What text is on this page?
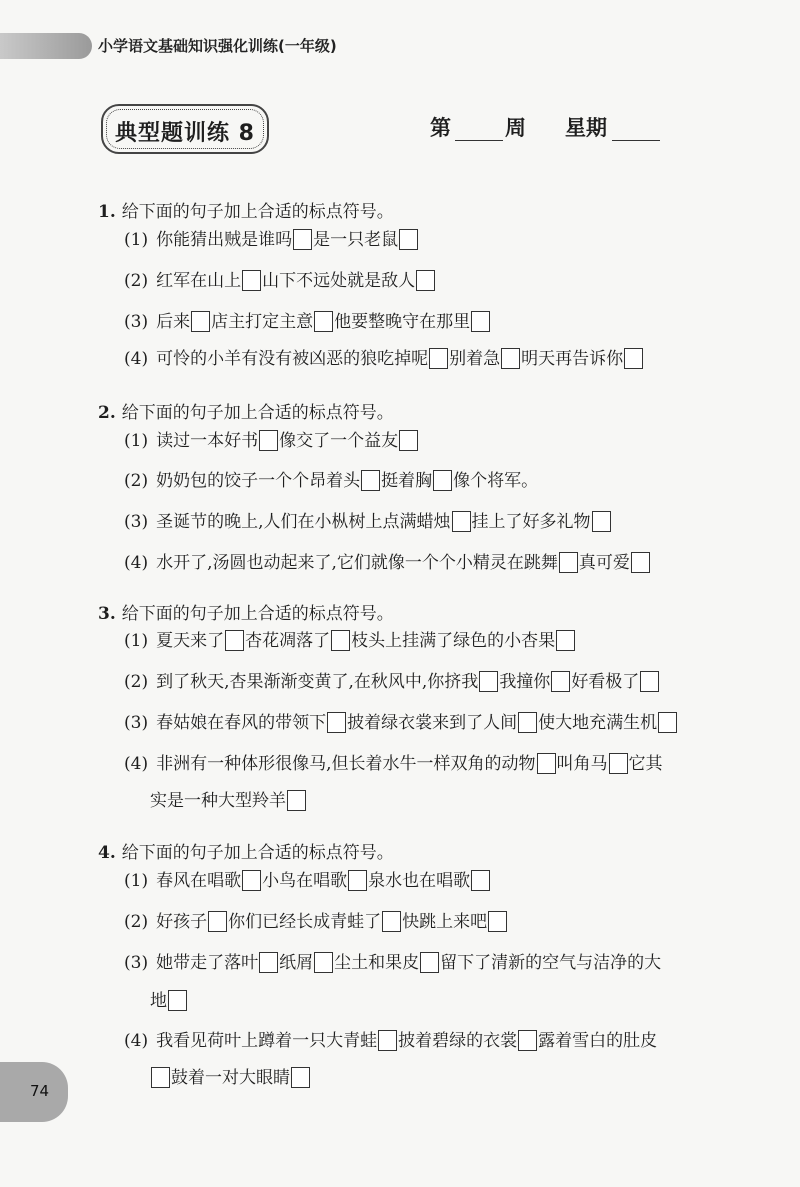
小学语文基础知识强化训练(一年级)
典型题训练 8	第	周 星期
1. 给下面的句子加上合适的标点符号。
(1) 你能猜出贼是谁吗 是一只老鼠
(2) 红军在山上 山下不远处就是敌人
(3) 后来 店主打定主意 他要整晚守在那里
(4) 可怜的小羊有没有被凶恶的狼吃掉呢 别着急 明天再告诉你
2. 给下面的句子加上合适的标点符号。
(1) 读过一本好书 像交了一个益友
(2) 奶奶包的饺子一个个昂着头 挺着胸 像个将军。
(3) 圣诞节的晚上,人们在小枞树上点满蜡烛 挂上了好多礼物
(4) 水开了,汤圆也动起来了,它们就像一个个小精灵在跳舞 真可爱
3. 给下面的句子加上合适的标点符号。
(1) 夏天来了 杏花凋落了 枝头上挂满了绿色的小杏果
(2) 到了秋天,杏果渐渐变黄了,在秋风中,你挤我 我撞你 好看极了
(3) 春姑娘在春风的带领下 披着绿衣裳来到了人间 使大地充满生机
(4) 非洲有一种体形很像马,但长着水牛一样双角的动物 叫角马 它其
实是一种大型羚羊
4. 给下面的句子加上合适的标点符号。
(1) 春风在唱歌 小鸟在唱歌 泉水也在唱歌
(2) 好孩子 你们已经长成青蛙了 快跳上来吧
(3) 她带走了落叶 纸屑 尘土和果皮 留下了清新的空气与洁净的大
地
(4) 我看见荷叶上蹲着一只大青蛙 披着碧绿的衣裳 露着雪白的肚皮
鼓着一对大眼睛
74
